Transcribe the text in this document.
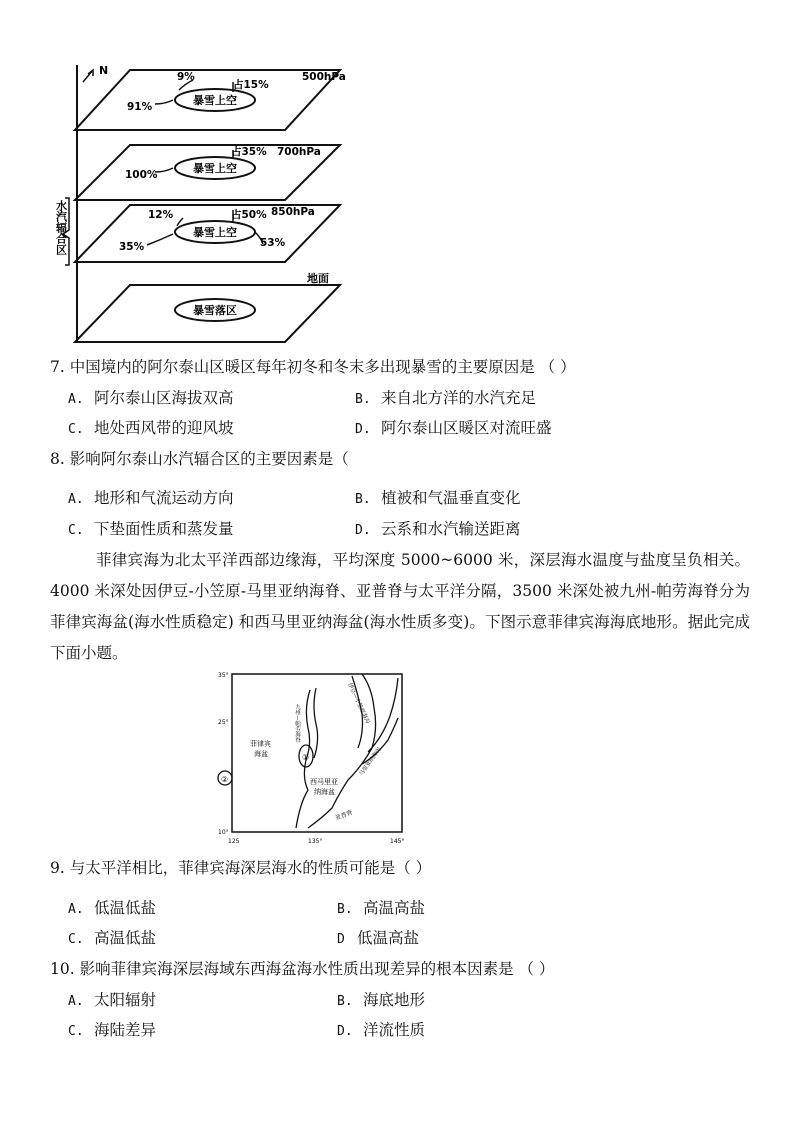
N
水汽辐合区
地面
暴雪上空
9%
占15%
500hPa
91%
暴雪上空
占35% 700hPa
100%
暴雪上空
12%	占50% 850hPa
35%	53%
暴雪落区
7. 中国境内的阿尔泰山区暖区每年初冬和冬末多出现暴雪的主要原因是 （ ）
A. 阿尔泰山区海拔双高	B. 来自北方洋的水汽充足
C. 地处西风带的迎风坡	D. 阿尔泰山区暖区对流旺盛
8. 影响阿尔泰山水汽辐合区的主要因素是（
A. 地形和气流运动方向	B. 植被和气温垂直变化
C. 下垫面性质和蒸发量	D. 云系和水汽输送距离
菲律宾海为北太平洋西部边缘海，平均深度 5000~6000 米，深层海水温度与盐度呈负相关。4000 米深处因伊豆-小笠原-马里亚纳海脊、亚普脊与太平洋分隔，3500 米深处被九州-帕劳海脊分为菲律宾海盆(海水性质稳定) 和西马里亚纳海盆(海水性质多变)。下图示意菲律宾海海底地形。据此完成下面小题。
35°
25°
10°
125	135°	145°
菲律宾
海盆
九州—帕劳海脊	伊豆—小笠原海沟
马里亚纳海沟
西马里亚
纳海盆
亚普脊
①
②
9. 与太平洋相比，菲律宾海深层海水的性质可能是（ ）
A. 低温低盐	B. 高温高盐
C. 高温低盐	D 低温高盐
10. 影响菲律宾海深层海域东西海盆海水性质出现差异的根本因素是 （ ）
A. 太阳辐射	B. 海底地形
C. 海陆差异	D. 洋流性质
